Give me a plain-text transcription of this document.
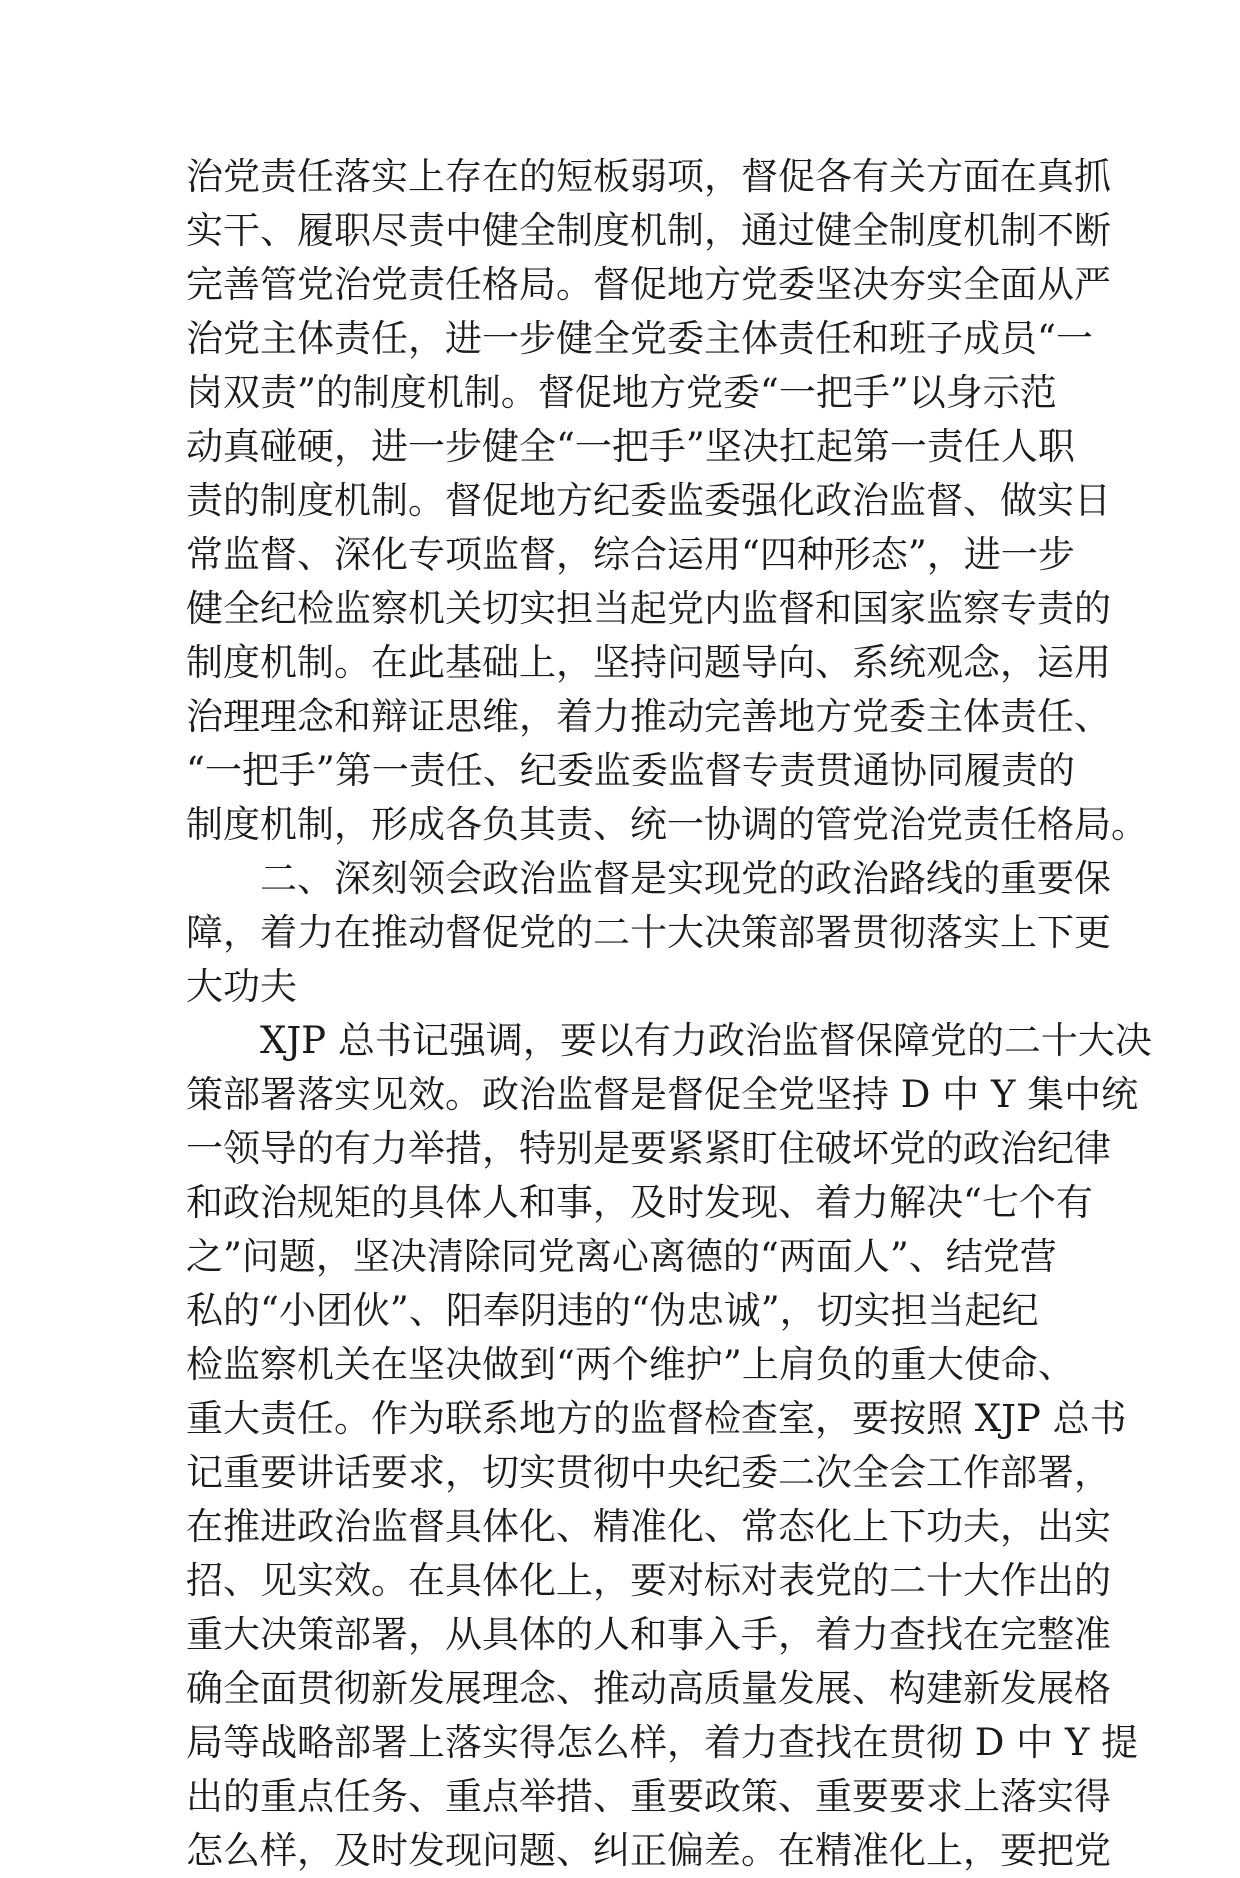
治党责任落实上存在的短板弱项，督促各有关方面在真抓
实干、履职尽责中健全制度机制，通过健全制度机制不断
完善管党治党责任格局。督促地方党委坚决夯实全面从严
治党主体责任，进一步健全党委主体责任和班子成员“一
岗双责”的制度机制。督促地方党委“一把手”以身示范
动真碰硬，进一步健全“一把手”坚决扛起第一责任人职
责的制度机制。督促地方纪委监委强化政治监督、做实日
常监督、深化专项监督，综合运用“四种形态”，进一步
健全纪检监察机关切实担当起党内监督和国家监察专责的
制度机制。在此基础上，坚持问题导向、系统观念，运用
治理理念和辩证思维，着力推动完善地方党委主体责任、
“一把手”第一责任、纪委监委监督专责贯通协同履责的
制度机制，形成各负其责、统一协调的管党治党责任格局。
二、深刻领会政治监督是实现党的政治路线的重要保
障，着力在推动督促党的二十大决策部署贯彻落实上下更
大功夫
XJP 总书记强调，要以有力政治监督保障党的二十大决
策部署落实见效。政治监督是督促全党坚持 D 中 Y 集中统
一领导的有力举措，特别是要紧紧盯住破坏党的政治纪律
和政治规矩的具体人和事，及时发现、着力解决“七个有
之”问题，坚决清除同党离心离德的“两面人”、结党营
私的“小团伙”、阳奉阴违的“伪忠诚”，切实担当起纪
检监察机关在坚决做到“两个维护”上肩负的重大使命、
重大责任。作为联系地方的监督检查室，要按照 XJP 总书
记重要讲话要求，切实贯彻中央纪委二次全会工作部署，
在推进政治监督具体化、精准化、常态化上下功夫，出实
招、见实效。在具体化上，要对标对表党的二十大作出的
重大决策部署，从具体的人和事入手，着力查找在完整准
确全面贯彻新发展理念、推动高质量发展、构建新发展格
局等战略部署上落实得怎么样，着力查找在贯彻 D 中 Y 提
出的重点任务、重点举措、重要政策、重要要求上落实得
怎么样，及时发现问题、纠正偏差。在精准化上，要把党
